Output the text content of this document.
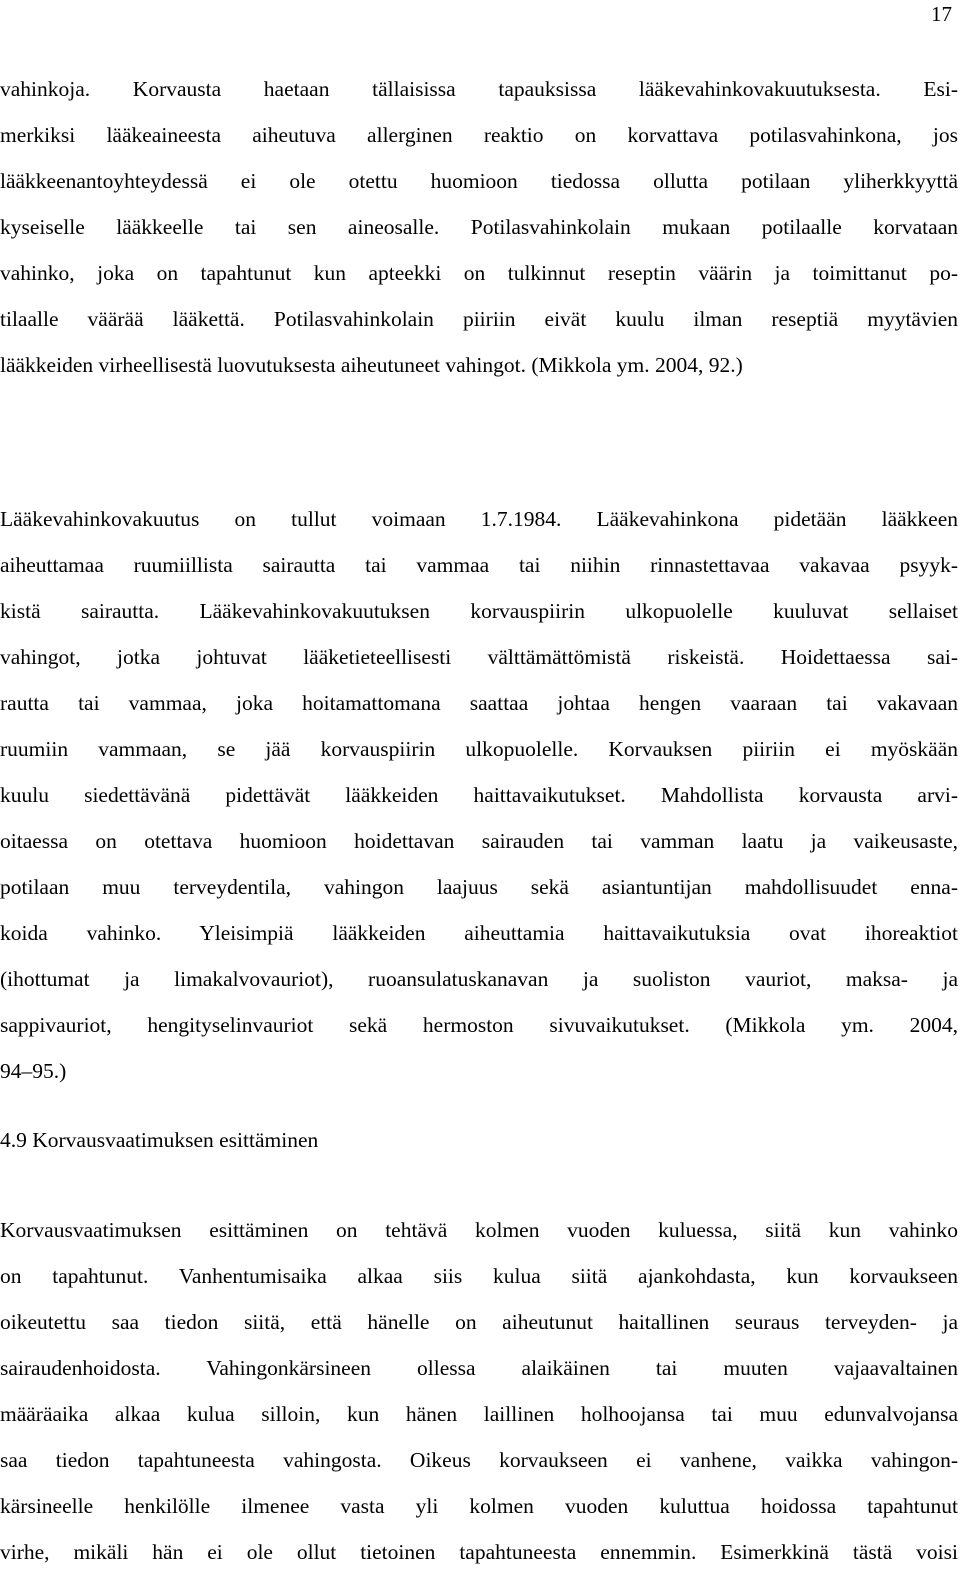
17
vahinkoja. Korvausta haetaan tällaisissa tapauksissa lääkevahinkovakuutuksesta. Esi-
merkiksi lääkeaineesta aiheutuva allerginen reaktio on korvattava potilasvahinkona, jos
lääkkeenantoyhteydessä ei ole otettu huomioon tiedossa ollutta potilaan yliherkkyyttä
kyseiselle lääkkeelle tai sen aineosalle. Potilasvahinkolain mukaan potilaalle korvataan
vahinko, joka on tapahtunut kun apteekki on tulkinnut reseptin väärin ja toimittanut po-
tilaalle väärää lääkettä. Potilasvahinkolain piiriin eivät kuulu ilman reseptiä myytävien
lääkkeiden virheellisestä luovutuksesta aiheutuneet vahingot. (Mikkola ym. 2004, 92.)
Lääkevahinkovakuutus on tullut voimaan 1.7.1984. Lääkevahinkona pidetään lääkkeen
aiheuttamaa ruumiillista sairautta tai vammaa tai niihin rinnastettavaa vakavaa psyyk-
kistä sairautta. Lääkevahinkovakuutuksen korvauspiirin ulkopuolelle kuuluvat sellaiset
vahingot, jotka johtuvat lääketieteellisesti välttämättömistä riskeistä. Hoidettaessa sai-
rautta tai vammaa, joka hoitamattomana saattaa johtaa hengen vaaraan tai vakavaan
ruumiin vammaan, se jää korvauspiirin ulkopuolelle. Korvauksen piiriin ei myöskään
kuulu siedettävänä pidettävät lääkkeiden haittavaikutukset. Mahdollista korvausta arvi-
oitaessa on otettava huomioon hoidettavan sairauden tai vamman laatu ja vaikeusaste,
potilaan muu terveydentila, vahingon laajuus sekä asiantuntijan mahdollisuudet enna-
koida vahinko. Yleisimpiä lääkkeiden aiheuttamia haittavaikutuksia ovat ihoreaktiot
(ihottumat ja limakalvovauriot), ruoansulatuskanavan ja suoliston vauriot, maksa- ja
sappivauriot, hengityselinvauriot sekä hermoston sivuvaikutukset. (Mikkola ym. 2004,
94–95.)
4.9 Korvausvaatimuksen esittäminen
Korvausvaatimuksen esittäminen on tehtävä kolmen vuoden kuluessa, siitä kun vahinko
on tapahtunut. Vanhentumisaika alkaa siis kulua siitä ajankohdasta, kun korvaukseen
oikeutettu saa tiedon siitä, että hänelle on aiheutunut haitallinen seuraus terveyden- ja
sairaudenhoidosta. Vahingonkärsineen ollessa alaikäinen tai muuten vajaavaltainen
määräaika alkaa kulua silloin, kun hänen laillinen holhoojansa tai muu edunvalvojansa
saa tiedon tapahtuneesta vahingosta. Oikeus korvaukseen ei vanhene, vaikka vahingon-
kärsineelle henkilölle ilmenee vasta yli kolmen vuoden kuluttua hoidossa tapahtunut
virhe, mikäli hän ei ole ollut tietoinen tapahtuneesta ennemmin. Esimerkkinä tästä voisi
